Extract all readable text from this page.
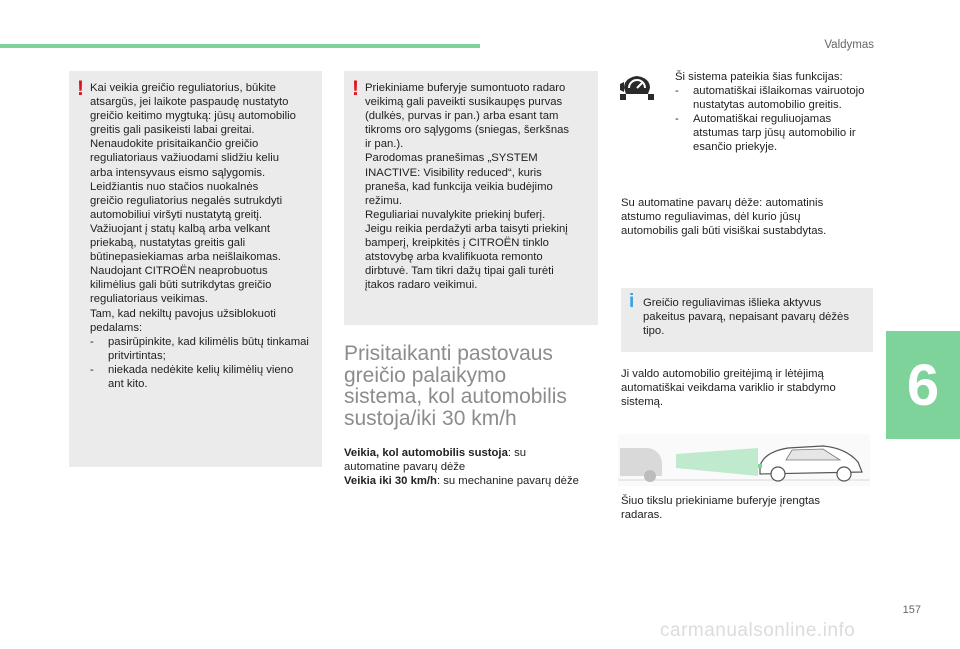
Valdymas
! Kai veikia greičio reguliatorius, būkite

atsargūs, jei laikote paspaudę nustatyto

greičio keitimo mygtuką: jūsų automobilio

greitis gali pasikeisti labai greitai.

Nenaudokite prisitaikančio greičio

reguliatoriaus važiuodami slidžiu keliu

arba intensyvaus eismo sąlygomis.

Leidžiantis nuo stačios nuokalnės

greičio reguliatorius negalės sutrukdyti

automobiliui viršyti nustatytą greitį.

Važiuojant į statų kalbą arba velkant

priekabą, nustatytas greitis gali

būtinepasiekiamas arba neišlaikomas.

Naudojant CITROËN neaprobuotus

kilimėlius gali būti sutrikdytas greičio

reguliatoriaus veikimas.

Tam, kad nekiltų pavojus užsiblokuoti

pedalams:

-	pasirūpinkite, kad kilimėlis būtų tinkamai pritvirtintas;
-	niekada nedėkite kelių kilimėlių vieno ant kito.
! Priekiniame buferyje sumontuoto radaro

veikimą gali paveikti susikaupęs purvas

(dulkės, purvas ir pan.) arba esant tam

tikroms oro sąlygoms (sniegas, šerkšnas

ir pan.).

Parodomas pranešimas „SYSTEM

INACTIVE: Visibility reduced“, kuris

praneša, kad funkcija veikia budėjimo

režimu.

Reguliariai nuvalykite priekinį buferį.

Jeigu reikia perdažyti arba taisyti priekinį

bamperį, kreipkitės į CITROËN tinklo

atstovybę arba kvalifikuota remonto

dirbtuvė. Tam tikri dažų tipai gali turėti

įtakos radaro veikimui.

Prisitaikanti pastovaus
greičio palaikymo
sistema, kol automobilis
sustoja/iki 30 km/h

Veikia, kol automobilis sustoja: su

automatine pavarų dėže

Veikia iki 30 km/h: su mechanine pavarų dėže

Ši sistema pateikia šias funkcijas:

-	automatiškai išlaikomas vairuotojo nustatytas automobilio greitis.
-	Automatiškai reguliuojamas atstumas tarp jūsų automobilio ir esančio priekyje.

Su automatine pavarų dėže: automatinis

atstumo reguliavimas, dėl kurio jūsų

automobilis gali būti visiškai sustabdytas.

i Greičio reguliavimas išlieka aktyvus

pakeitus pavarą, nepaisant pavarų dėžės

tipo.

Ji valdo automobilio greitėjimą ir lėtėjimą

automatiškai veikdama variklio ir stabdymo

sistemą.

Šiuo tikslu priekiniame buferyje įrengtas

radaras.

6
157
carmanualsonline.info
